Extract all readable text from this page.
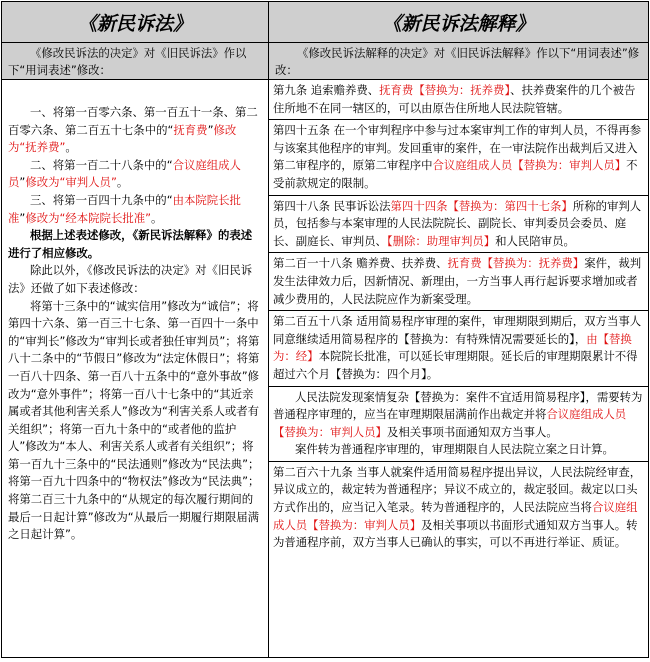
《新民诉法》
《修改民诉法的决定》对《旧民诉法》作以下“用词表述”修改：

一、将第一百零六条、第一百五十一条、第二百零六条、第二百五十七条中的“抚育费”修改为“抚养费”。

二、将第一百二十八条中的“合议庭组成人员”修改为“审判人员”。

三、将第一百四十九条中的“由本院院长批准”修改为“经本院院长批准”。

根据上述表述修改，《新民诉法解释》的表述进行了相应修改。

除此以外，《修改民诉法的决定》对《旧民诉法》还做了如下表述修改：

将第十三条中的“诚实信用”修改为“诚信”；将第四十六条、第一百三十七条、第一百四十一条中的“审判长”修改为“审判长或者独任审判员”；将第八十二条中的“节假日”修改为“法定休假日”；将第一百八十四条、第一百八十五条中的“意外事故”修改为“意外事件”；将第一百八十七条中的“其近亲属或者其他利害关系人”修改为“利害关系人或者有关组织”；将第一百九十条中的“或者他的监护人”修改为“本人、利害关系人或者有关组织”；将第一百九十三条中的“民法通则”修改为“民法典”；将第一百九十四条中的“物权法”修改为“民法典”；将第二百三十九条中的“从规定的每次履行期间的最后一日起计算”修改为“从最后一期履行期限届满之日起计算”。

《新民诉法解释》
《修改民诉法解释的决定》对《旧民诉法解释》作以下“用词表述”修改：

第九条 追索赡养费、抚育费【替换为：抚养费】、扶养费案件的几个被告住所地不在同一辖区的，可以由原告住所地人民法院管辖。

第四十五条 在一个审判程序中参与过本案审判工作的审判人员，不得再参与该案其他程序的审判。发回重审的案件，在一审法院作出裁判后又进入第二审程序的，原第二审程序中合议庭组成人员【替换为：审判人员】不受前款规定的限制。

第四十八条 民事诉讼法第四十四条【替换为：第四十七条】所称的审判人员，包括参与本案审理的人民法院院长、副院长、审判委员会委员、庭长、副庭长、审判员、【删除：助理审判员】和人民陪审员。

第二百一十八条 赡养费、扶养费、抚育费【替换为：抚养费】案件，裁判发生法律效力后，因新情况、新理由，一方当事人再行起诉要求增加或者减少费用的，人民法院应作为新案受理。

第二百五十八条 适用简易程序审理的案件，审理期限到期后，双方当事人同意继续适用简易程序的【替换为：有特殊情况需要延长的】，由【替换为：经】本院院长批准，可以延长审理期限。延长后的审理期限累计不得超过六个月【替换为：四个月】。

人民法院发现案情复杂【替换为：案件不宜适用简易程序】，需要转为普通程序审理的，应当在审理期限届满前作出裁定并将合议庭组成人员【替换为：审判人员】及相关事项书面通知双方当事人。

案件转为普通程序审理的，审理期限自人民法院立案之日计算。

第二百六十九条 当事人就案件适用简易程序提出异议，人民法院经审查，异议成立的，裁定转为普通程序；异议不成立的，裁定驳回。裁定以口头方式作出的，应当记入笔录。转为普通程序的，人民法院应当将合议庭组成人员【替换为：审判人员】及相关事项以书面形式通知双方当事人。转为普通程序前，双方当事人已确认的事实，可以不再进行举证、质证。
